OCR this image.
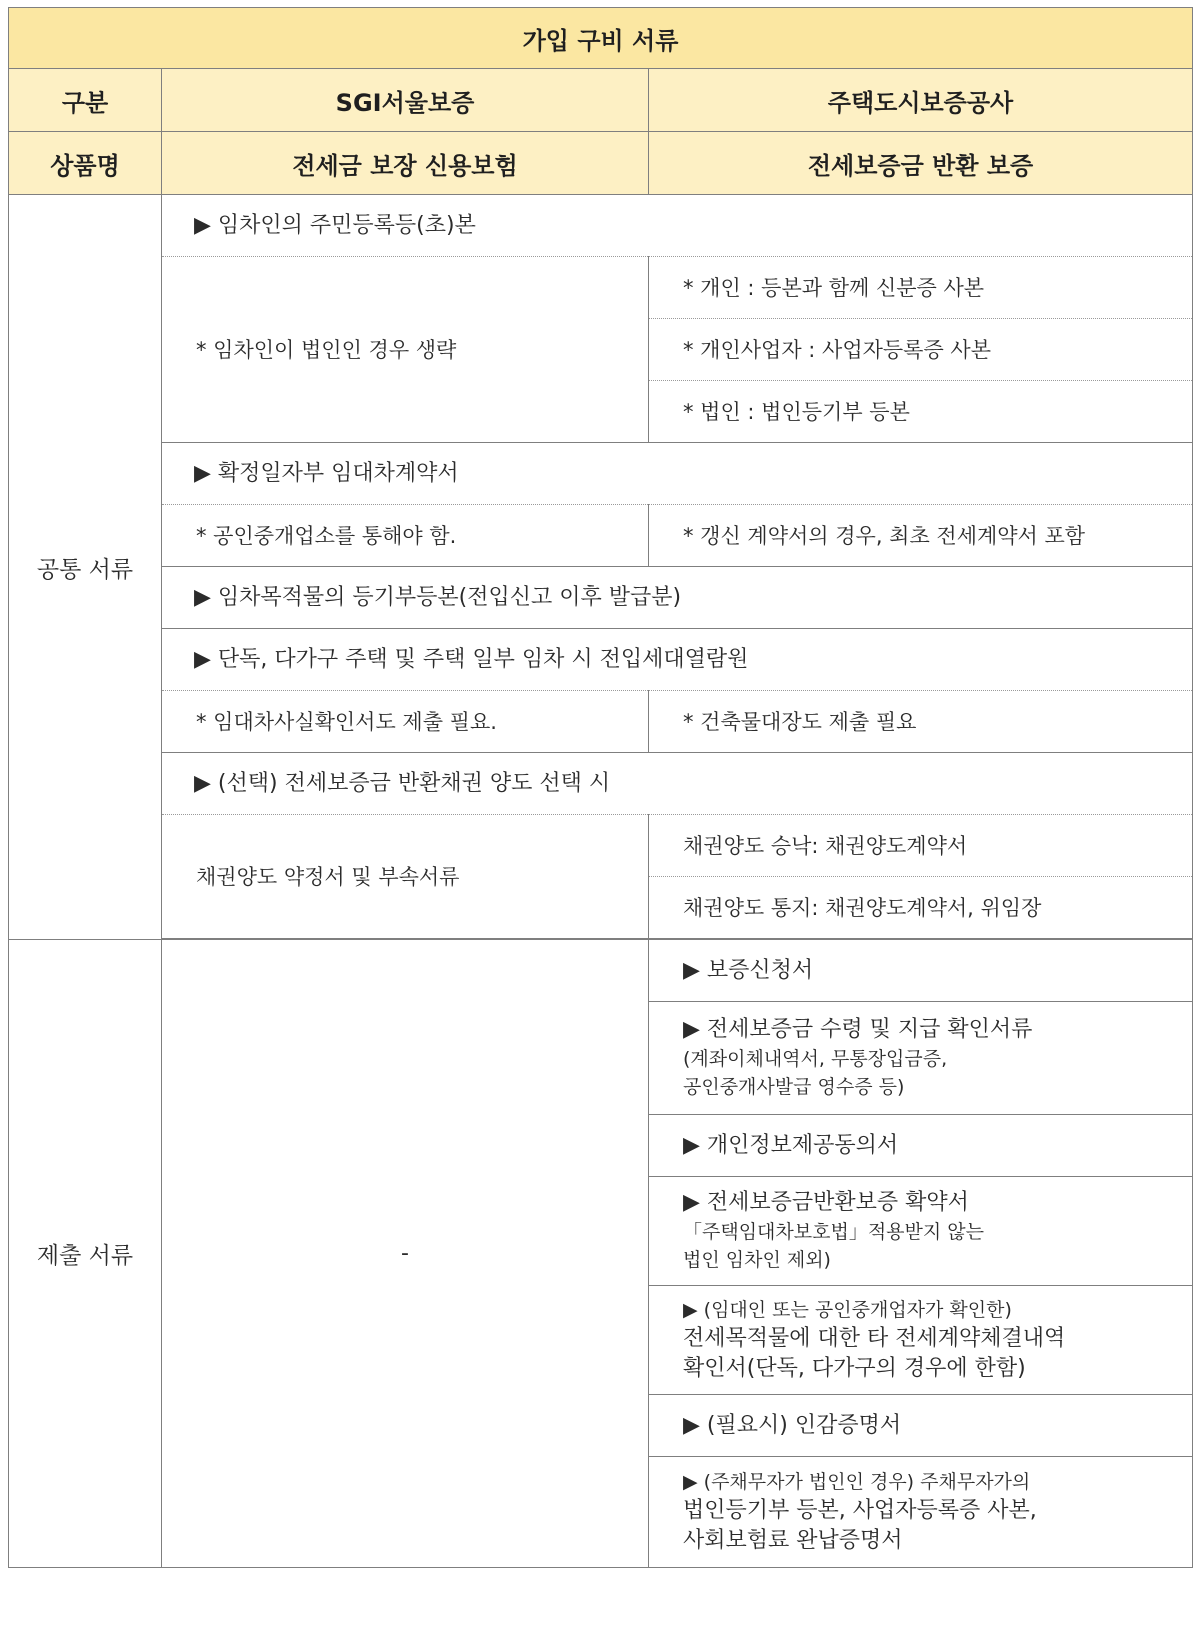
가입 구비 서류		
구분	SGI서울보증	주택도시보증공사
상품명	전세금 보장 신용보험	전세보증금 반환 보증
공통 서류	▶ 임차인의 주민등록등(초)본	
	* 임차인이 법인인 경우 생략	* 개인 : 등본과 함께 신분증 사본
		* 개인사업자 : 사업자등록증 사본
		* 법인 : 법인등기부 등본
	▶ 확정일자부 임대차계약서	
	* 공인중개업소를 통해야 함.	* 갱신 계약서의 경우, 최초 전세계약서 포함
	▶ 임차목적물의 등기부등본(전입신고 이후 발급분)	
	▶ 단독, 다가구 주택 및 주택 일부 임차 시 전입세대열람원	
	* 임대차사실확인서도 제출 필요.	* 건축물대장도 제출 필요
	▶ (선택) 전세보증금 반환채권 양도 선택 시	
	채권양도 약정서 및 부속서류	채권양도 승낙: 채권양도계약서
		채권양도 통지: 채권양도계약서, 위임장

제출 서류	-	▶ 보증신청서

		▶ 전세보증금 수령 및 지급 확인서류
(계좌이체내역서, 무통장입금증,
공인중개사발급 영수증 등)

		▶ 개인정보제공동의서

		▶ 전세보증금반환보증 확약서
「주택임대차보호법」적용받지 않는
법인 임차인 제외)

		▶ (임대인 또는 공인중개업자가 확인한)
전세목적물에 대한 타 전세계약체결내역
확인서(단독, 다가구의 경우에 한함)

		▶ (필요시) 인감증명서

		▶ (주채무자가 법인인 경우) 주채무자가의
법인등기부 등본, 사업자등록증 사본,
사회보험료 완납증명서
